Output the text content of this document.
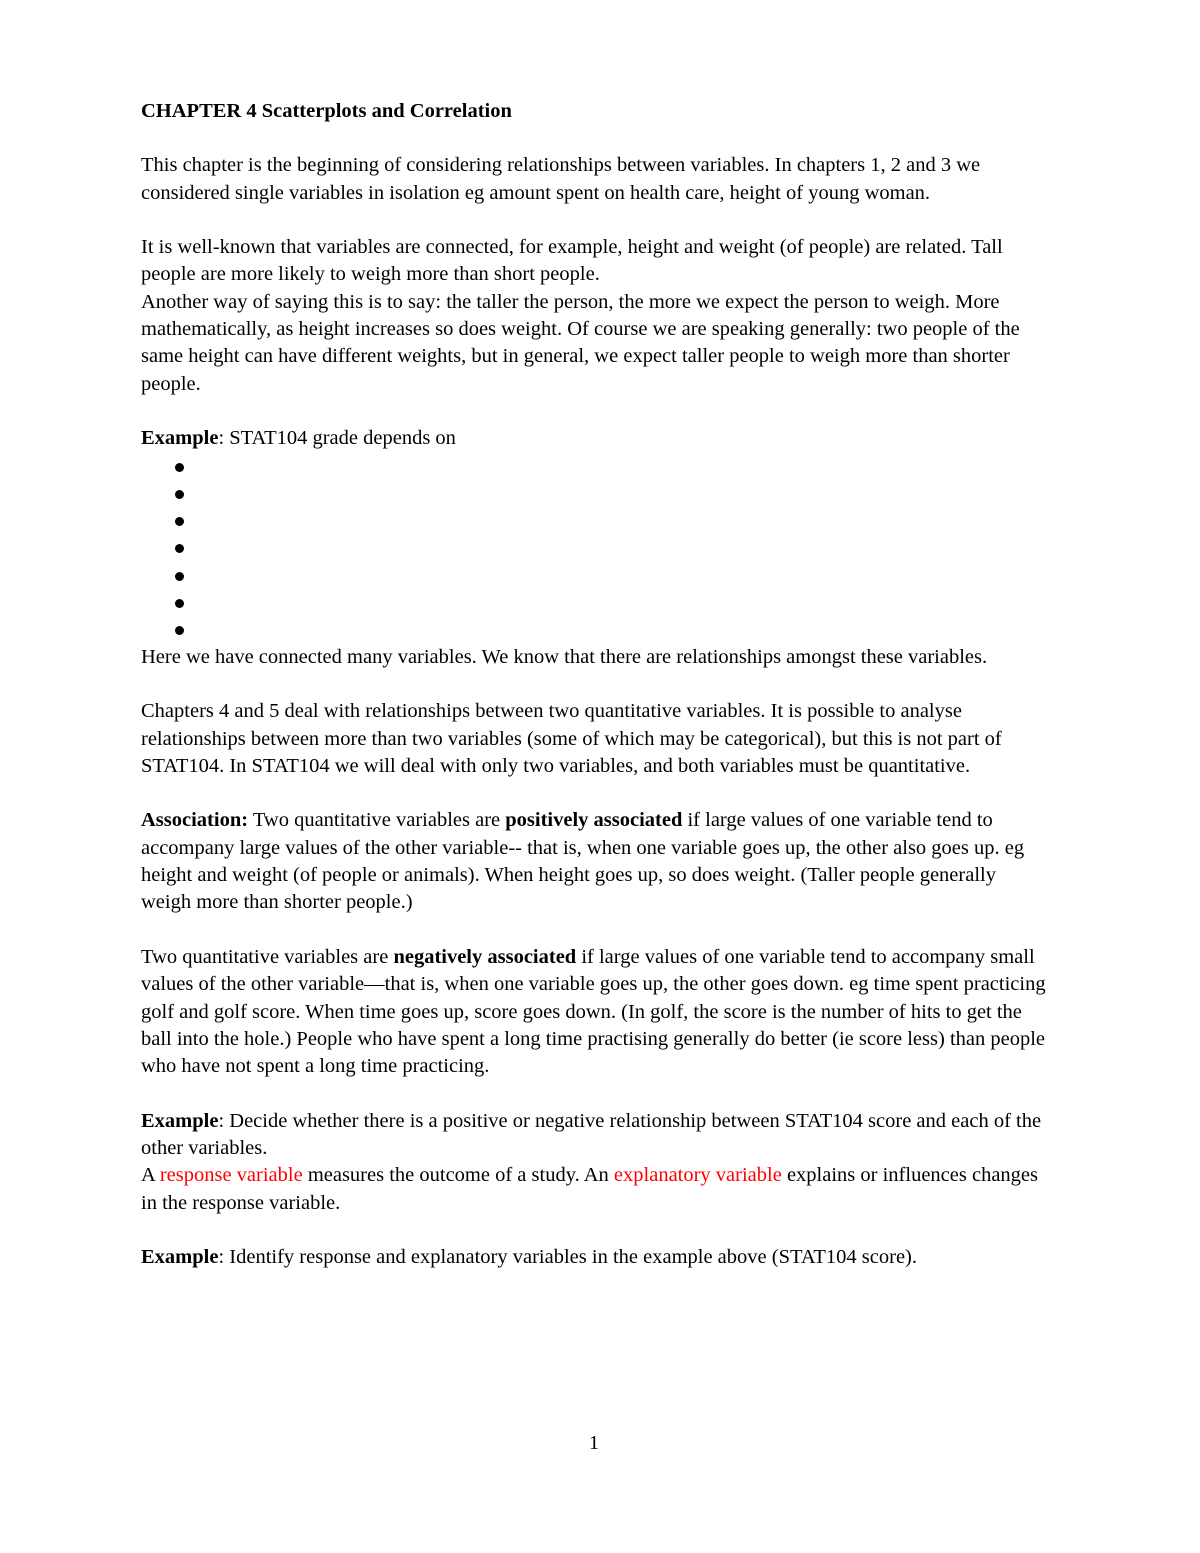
CHAPTER 4 Scatterplots and Correlation

This chapter is the beginning of considering relationships between variables. In chapters 1, 2 and 3 we considered single variables in isolation eg amount spent on health care, height of young woman.

It is well-known that variables are connected, for example, height and weight (of people) are related. Tall people are more likely to weigh more than short people.

Another way of saying this is to say: the taller the person, the more we expect the person to weigh. More mathematically, as height increases so does weight. Of course we are speaking generally: two people of the same height can have different weights, but in general, we expect taller people to weigh more than shorter people.

Example: STAT104 grade depends on

Here we have connected many variables. We know that there are relationships amongst these variables.

Chapters 4 and 5 deal with relationships between two quantitative variables. It is possible to analyse relationships between more than two variables (some of which may be categorical), but this is not part of STAT104. In STAT104 we will deal with only two variables, and both variables must be quantitative.

Association: Two quantitative variables are positively associated if large values of one variable tend to accompany large values of the other variable-- that is, when one variable goes up, the other also goes up. eg height and weight (of people or animals). When height goes up, so does weight. (Taller people generally weigh more than shorter people.)

Two quantitative variables are negatively associated if large values of one variable tend to accompany small values of the other variable—that is, when one variable goes up, the other goes down. eg time spent practicing golf and golf score. When time goes up, score goes down. (In golf, the score is the number of hits to get the ball into the hole.) People who have spent a long time practising generally do better (ie score less) than people who have not spent a long time practicing.

Example: Decide whether there is a positive or negative relationship between STAT104 score and each of the other variables.

A response variable measures the outcome of a study. An explanatory variable explains or influences changes in the response variable.

Example: Identify response and explanatory variables in the example above (STAT104 score).

1
